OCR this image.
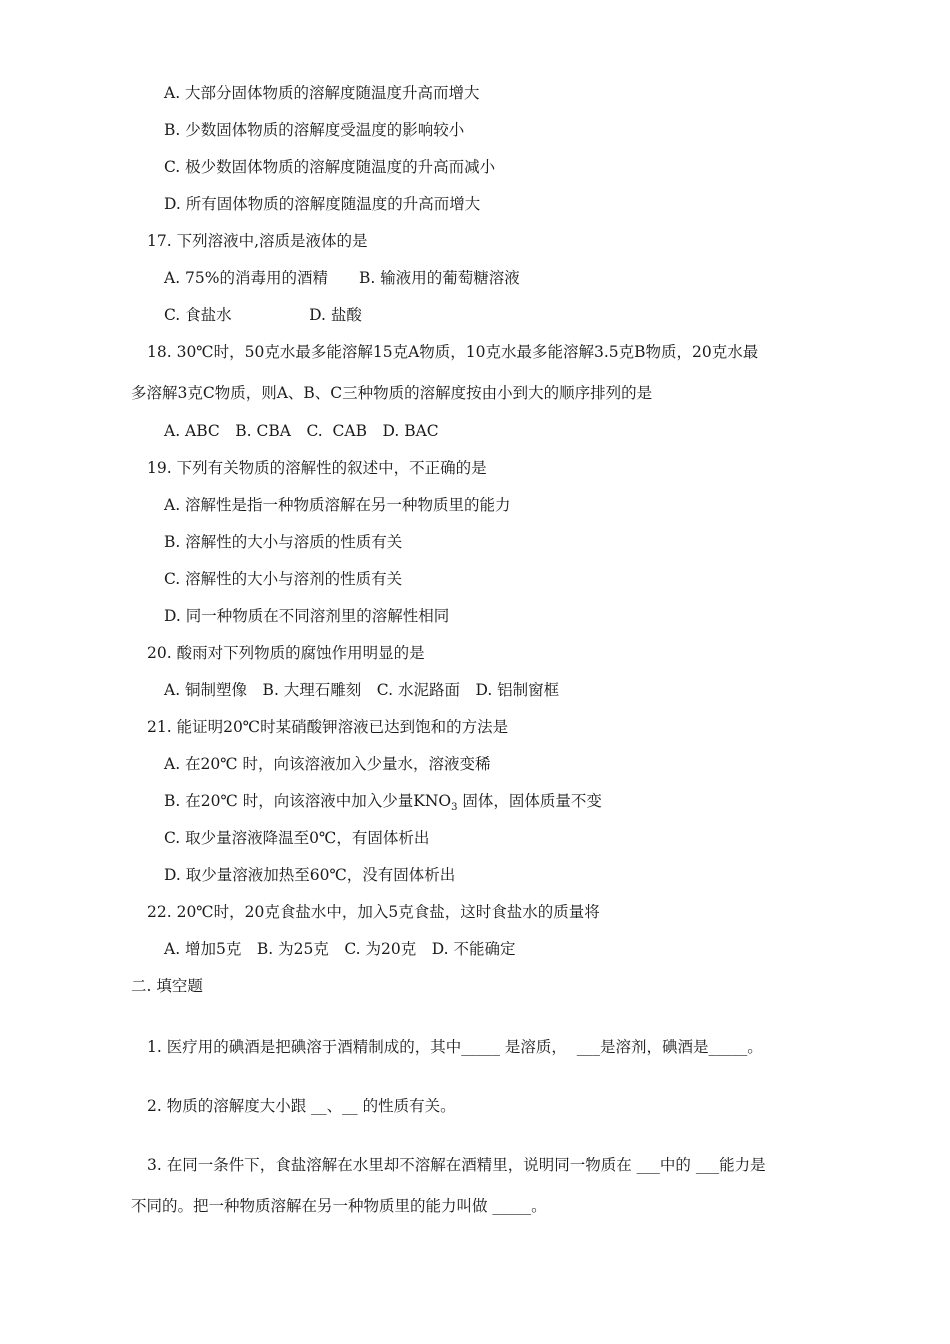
A. 大部分固体物质的溶解度随温度升高而增大
B. 少数固体物质的溶解度受温度的影响较小
C. 极少数固体物质的溶解度随温度的升高而减小
D. 所有固体物质的溶解度随温度的升高而增大
17. 下列溶液中,溶质是液体的是
A. 75%的消毒用的酒精　　B. 输液用的葡萄糖溶液
C. 食盐水　　　　　D. 盐酸
18. 30℃时，50克水最多能溶解15克A物质，10克水最多能溶解3.5克B物质，20克水最
多溶解3克C物质，则A、B、C三种物质的溶解度按由小到大的顺序排列的是
A. ABC　B. CBA　C.  CAB　D. BAC
19. 下列有关物质的溶解性的叙述中，不正确的是
A. 溶解性是指一种物质溶解在另一种物质里的能力
B. 溶解性的大小与溶质的性质有关
C. 溶解性的大小与溶剂的性质有关
D. 同一种物质在不同溶剂里的溶解性相同
20. 酸雨对下列物质的腐蚀作用明显的是
A. 铜制塑像　B. 大理石雕刻　C. 水泥路面　D. 铝制窗框
21. 能证明20℃时某硝酸钾溶液已达到饱和的方法是
A. 在20℃ 时，向该溶液加入少量水，溶液变稀
B. 在20℃ 时，向该溶液中加入少量$KNO_3$ 固体，固体质量不变
C. 取少量溶液降温至0℃，有固体析出
D. 取少量溶液加热至60℃，没有固体析出
22. 20℃时，20克食盐水中，加入5克食盐，这时食盐水的质量将
A. 增加5克　B. 为25克　C. 为20克　D. 不能确定
二. 填空题
1. 医疗用的碘酒是把碘溶于酒精制成的，其中_____ 是溶质，  ___是溶剂，碘酒是_____。
2. 物质的溶解度大小跟 __、__ 的性质有关。
3. 在同一条件下，食盐溶解在水里却不溶解在酒精里，说明同一物质在 ___中的 ___能力是
不同的。把一种物质溶解在另一种物质里的能力叫做 _____。
